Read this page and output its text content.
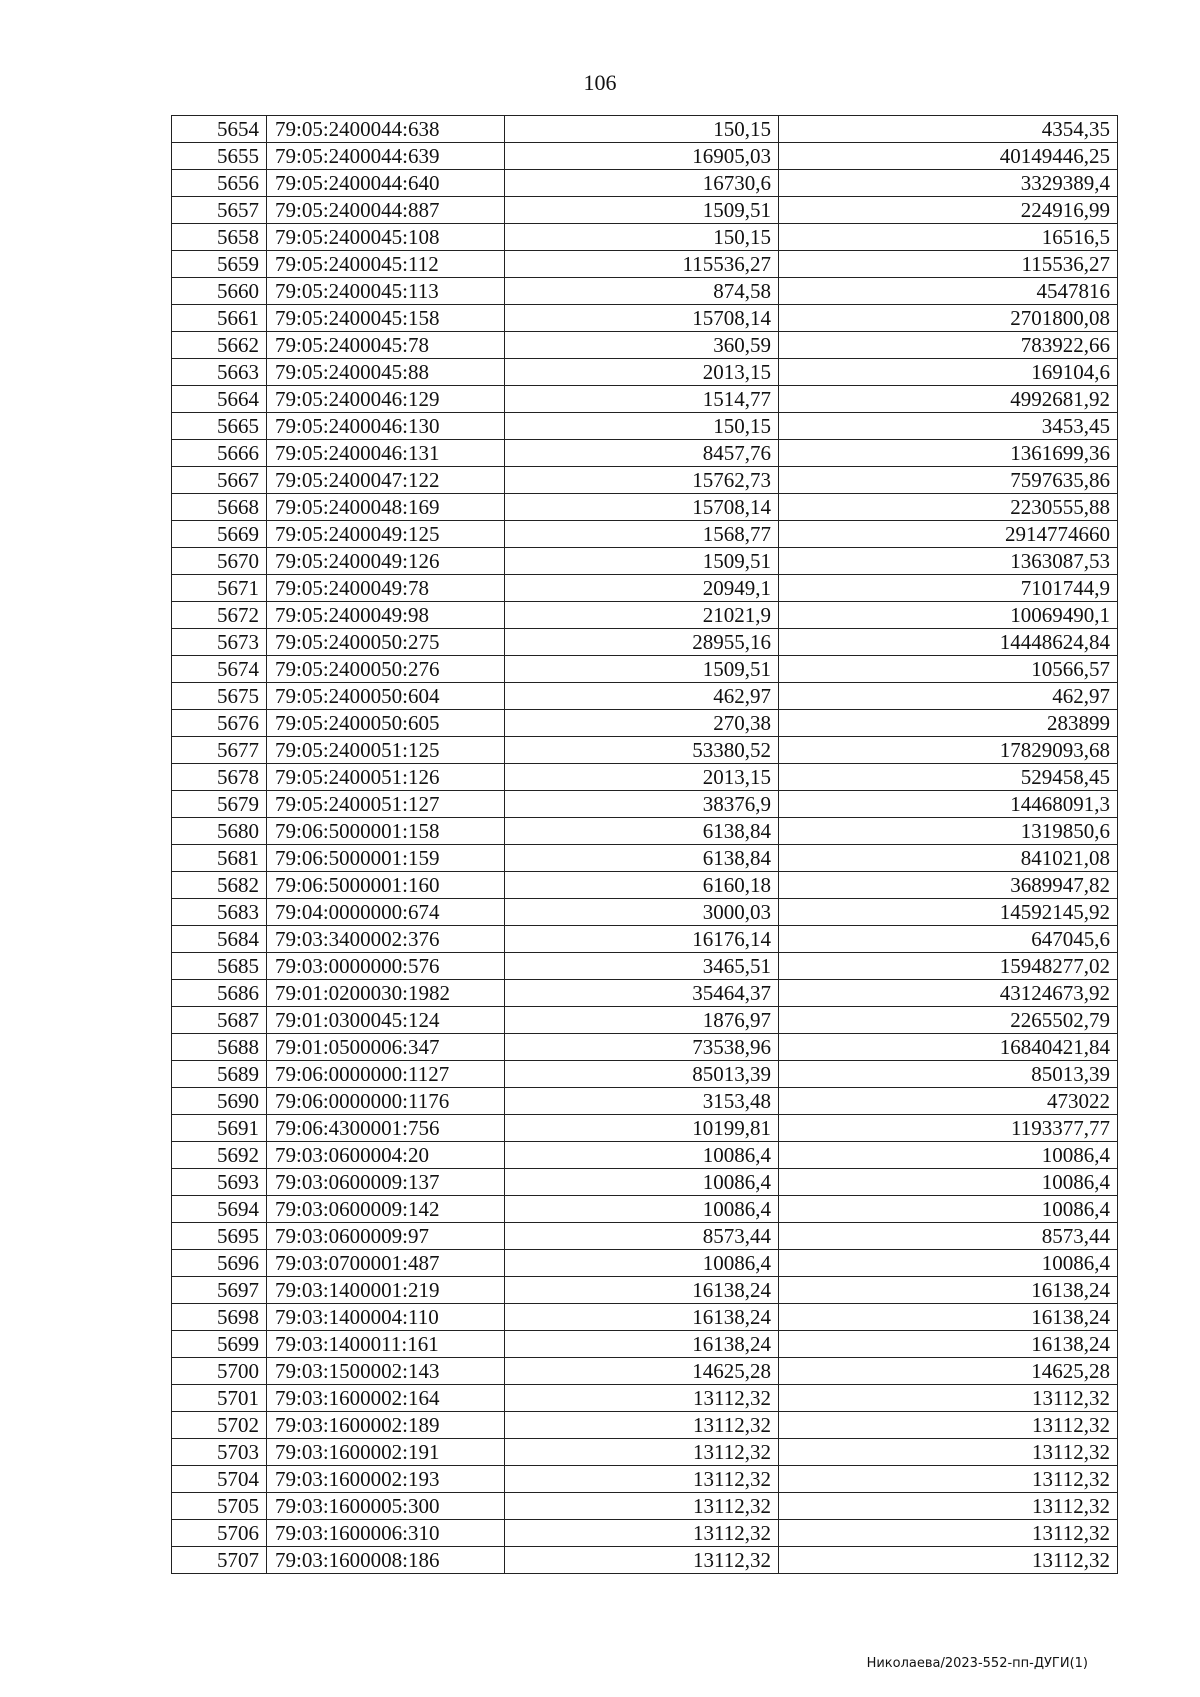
106
5654	79:05:2400044:638	150,15	4354,35
5655	79:05:2400044:639	16905,03	40149446,25
5656	79:05:2400044:640	16730,6	3329389,4
5657	79:05:2400044:887	1509,51	224916,99
5658	79:05:2400045:108	150,15	16516,5
5659	79:05:2400045:112	115536,27	115536,27
5660	79:05:2400045:113	874,58	4547816
5661	79:05:2400045:158	15708,14	2701800,08
5662	79:05:2400045:78	360,59	783922,66
5663	79:05:2400045:88	2013,15	169104,6
5664	79:05:2400046:129	1514,77	4992681,92
5665	79:05:2400046:130	150,15	3453,45
5666	79:05:2400046:131	8457,76	1361699,36
5667	79:05:2400047:122	15762,73	7597635,86
5668	79:05:2400048:169	15708,14	2230555,88
5669	79:05:2400049:125	1568,77	2914774660
5670	79:05:2400049:126	1509,51	1363087,53
5671	79:05:2400049:78	20949,1	7101744,9
5672	79:05:2400049:98	21021,9	10069490,1
5673	79:05:2400050:275	28955,16	14448624,84
5674	79:05:2400050:276	1509,51	10566,57
5675	79:05:2400050:604	462,97	462,97
5676	79:05:2400050:605	270,38	283899
5677	79:05:2400051:125	53380,52	17829093,68
5678	79:05:2400051:126	2013,15	529458,45
5679	79:05:2400051:127	38376,9	14468091,3
5680	79:06:5000001:158	6138,84	1319850,6
5681	79:06:5000001:159	6138,84	841021,08
5682	79:06:5000001:160	6160,18	3689947,82
5683	79:04:0000000:674	3000,03	14592145,92
5684	79:03:3400002:376	16176,14	647045,6
5685	79:03:0000000:576	3465,51	15948277,02
5686	79:01:0200030:1982	35464,37	43124673,92
5687	79:01:0300045:124	1876,97	2265502,79
5688	79:01:0500006:347	73538,96	16840421,84
5689	79:06:0000000:1127	85013,39	85013,39
5690	79:06:0000000:1176	3153,48	473022
5691	79:06:4300001:756	10199,81	1193377,77
5692	79:03:0600004:20	10086,4	10086,4
5693	79:03:0600009:137	10086,4	10086,4
5694	79:03:0600009:142	10086,4	10086,4
5695	79:03:0600009:97	8573,44	8573,44
5696	79:03:0700001:487	10086,4	10086,4
5697	79:03:1400001:219	16138,24	16138,24
5698	79:03:1400004:110	16138,24	16138,24
5699	79:03:1400011:161	16138,24	16138,24
5700	79:03:1500002:143	14625,28	14625,28
5701	79:03:1600002:164	13112,32	13112,32
5702	79:03:1600002:189	13112,32	13112,32
5703	79:03:1600002:191	13112,32	13112,32
5704	79:03:1600002:193	13112,32	13112,32
5705	79:03:1600005:300	13112,32	13112,32
5706	79:03:1600006:310	13112,32	13112,32
5707	79:03:1600008:186	13112,32	13112,32
Николаева/2023-552-пп-ДУГИ(1)
